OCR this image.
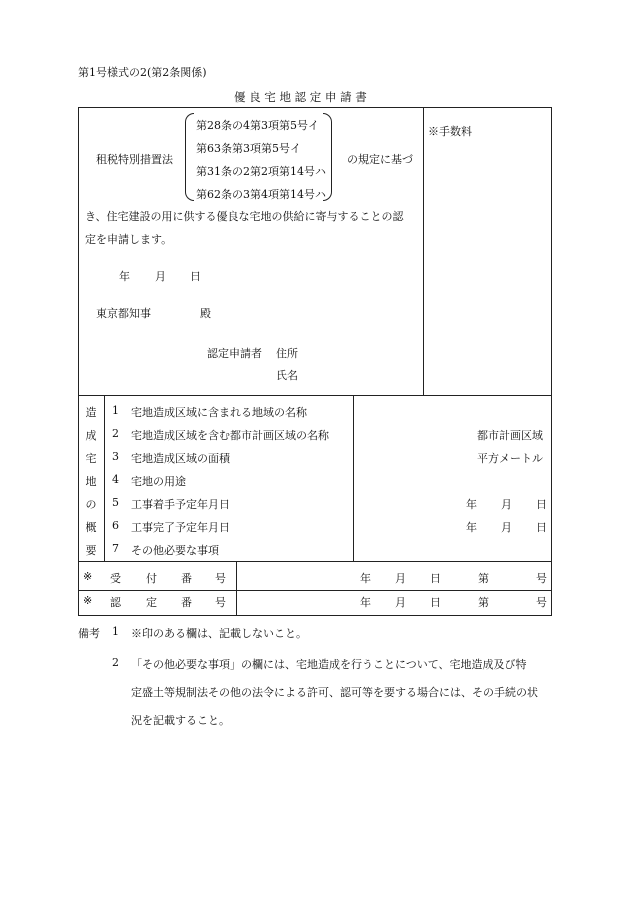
第1号様式の2(第2条関係)
優 良 宅 地 認 定 申 請 書
租税特別措置法
第28条の4第3項第5号イ
第63条第3項第5号イ
第31条の2第2項第14号ハ
第62条の3第4項第14号ハ
の規定に基づ
き、住宅建設の用に供する優良な宅地の供給に寄与することの認
定を申請します。
年 月 日
東京都知事	殿
認定申請者 住所
氏名
※手数料
造
成
宅
地
の
概
要
1 宅地造成区域に含まれる地域の名称
2 宅地造成区域を含む都市計画区域の名称	都市計画区域
3 宅地造成区域の面積	平方メートル
4 宅地の用途
5 工事着手予定年月日	年 月 日
6 工事完了予定年月日	年 月 日
7 その他必要な事項
※ 受 付 番 号	年 月 日	第	号
※ 認 定 番 号	年 月 日	第	号
備考 1 ※印のある欄は、記載しないこと。
2 「その他必要な事項」の欄には、宅地造成を行うことについて、宅地造成及び特
定盛土等規制法その他の法令による許可、認可等を要する場合には、その手続の状
況を記載すること。
